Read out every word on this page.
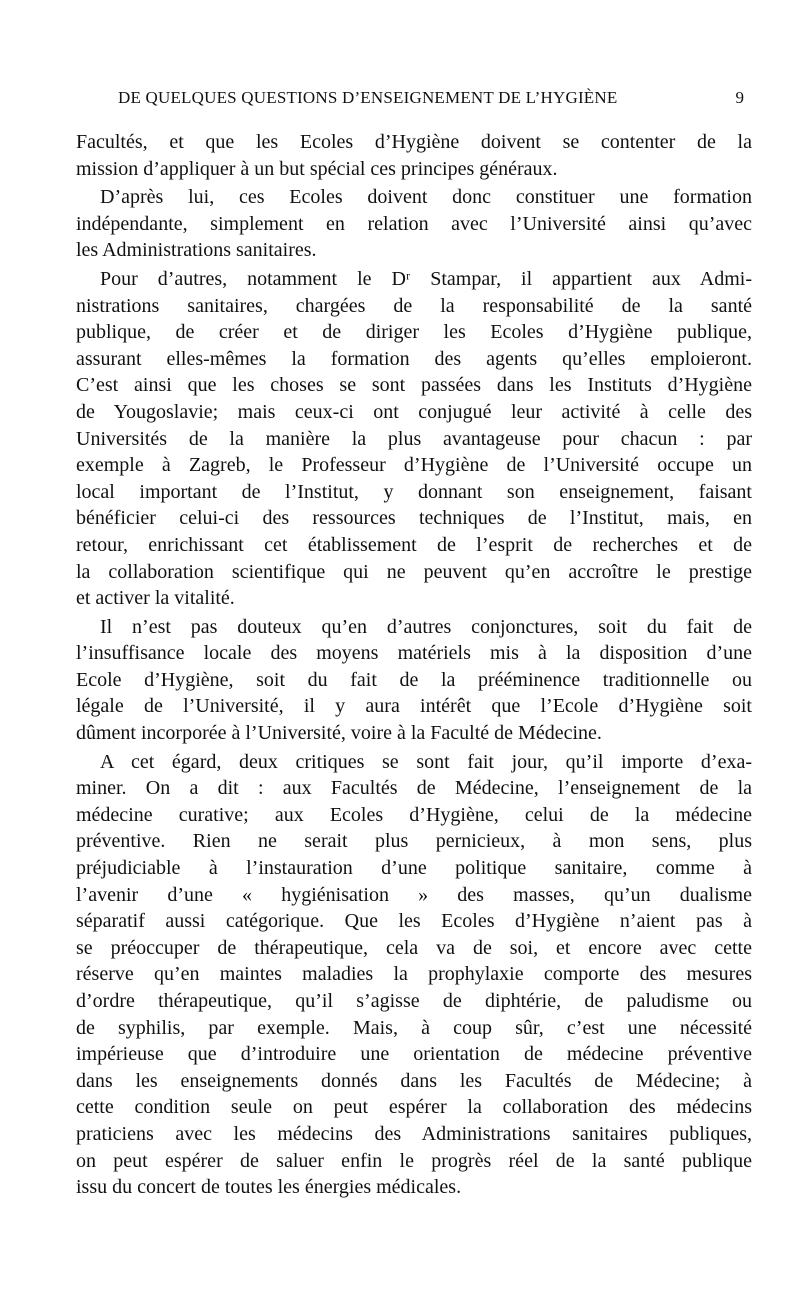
DE QUELQUES QUESTIONS D’ENSEIGNEMENT DE L’HYGIÈNE	9
Facultés, et que les Ecoles d’Hygiène doivent se contenter de la
mission d’appliquer à un but spécial ces principes généraux.
D’après lui, ces Ecoles doivent donc constituer une formation
indépendante, simplement en relation avec l’Université ainsi qu’avec
les Administrations sanitaires.
Pour d’autres, notamment le Dʳ Stampar, il appartient aux Admi-
nistrations sanitaires, chargées de la responsabilité de la santé
publique, de créer et de diriger les Ecoles d’Hygiène publique,
assurant elles-mêmes la formation des agents qu’elles emploieront.
C’est ainsi que les choses se sont passées dans les Instituts d’Hygiène
de Yougoslavie; mais ceux-ci ont conjugué leur activité à celle des
Universités de la manière la plus avantageuse pour chacun : par
exemple à Zagreb, le Professeur d’Hygiène de l’Université occupe un
local important de l’Institut, y donnant son enseignement, faisant
bénéficier celui-ci des ressources techniques de l’Institut, mais, en
retour, enrichissant cet établissement de l’esprit de recherches et de
la collaboration scientifique qui ne peuvent qu’en accroître le prestige
et activer la vitalité.
Il n’est pas douteux qu’en d’autres conjonctures, soit du fait de
l’insuffisance locale des moyens matériels mis à la disposition d’une
Ecole d’Hygiène, soit du fait de la prééminence traditionnelle ou
légale de l’Université, il y aura intérêt que l’Ecole d’Hygiène soit
dûment incorporée à l’Université, voire à la Faculté de Médecine.
A cet égard, deux critiques se sont fait jour, qu’il importe d’exa-
miner. On a dit : aux Facultés de Médecine, l’enseignement de la
médecine curative; aux Ecoles d’Hygiène, celui de la médecine
préventive. Rien ne serait plus pernicieux, à mon sens, plus
préjudiciable à l’instauration d’une politique sanitaire, comme à
l’avenir d’une « hygiénisation » des masses, qu’un dualisme
séparatif aussi catégorique. Que les Ecoles d’Hygiène n’aient pas à
se préoccuper de thérapeutique, cela va de soi, et encore avec cette
réserve qu’en maintes maladies la prophylaxie comporte des mesures
d’ordre thérapeutique, qu’il s’agisse de diphtérie, de paludisme ou
de syphilis, par exemple. Mais, à coup sûr, c’est une nécessité
impérieuse que d’introduire une orientation de médecine préventive
dans les enseignements donnés dans les Facultés de Médecine; à
cette condition seule on peut espérer la collaboration des médecins
praticiens avec les médecins des Administrations sanitaires publiques,
on peut espérer de saluer enfin le progrès réel de la santé publique
issu du concert de toutes les énergies médicales.
